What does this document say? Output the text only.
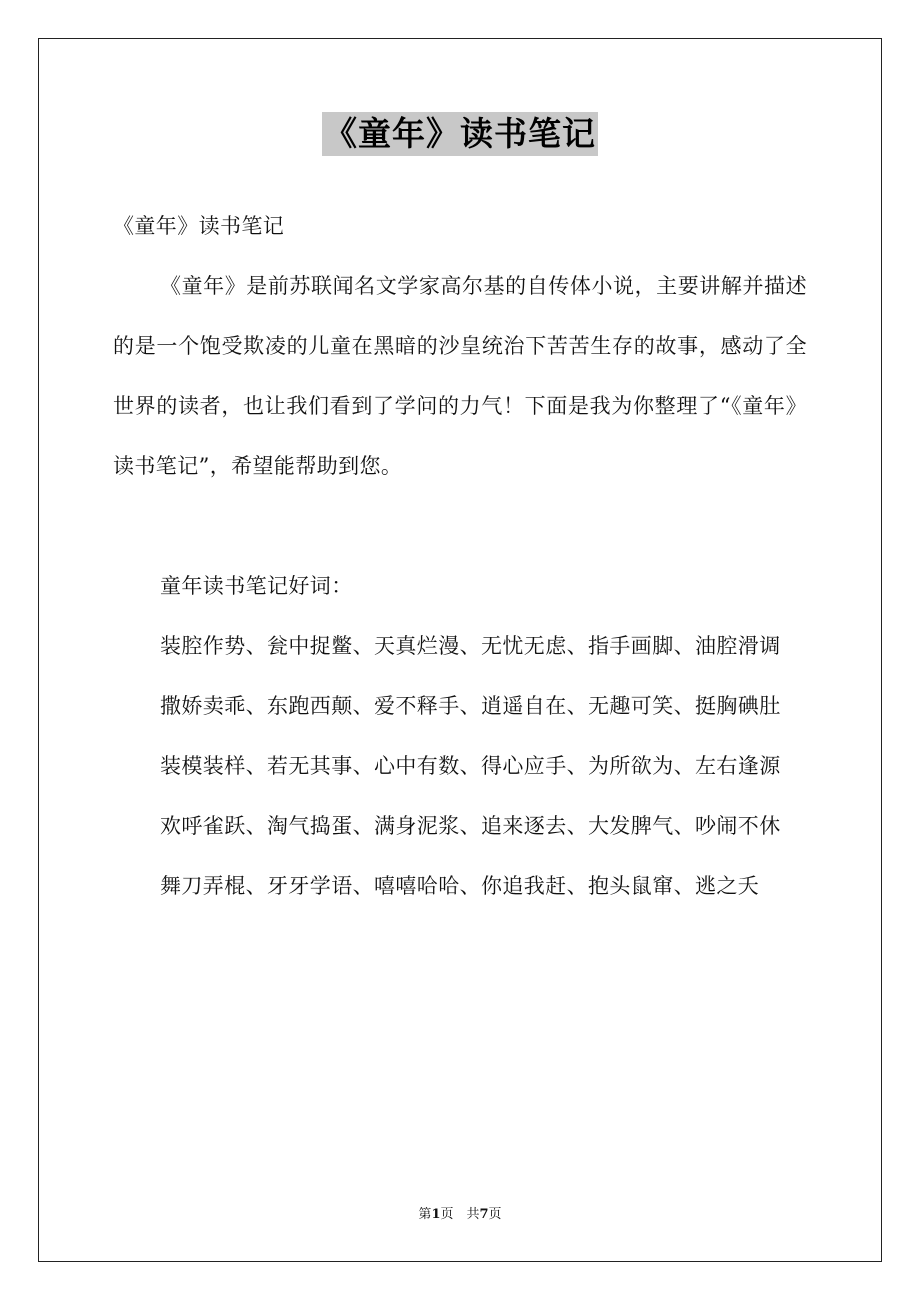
《童年》读书笔记

《童年》读书笔记

《童年》是前苏联闻名文学家高尔基的自传体小说，主要讲解并描述的是一个饱受欺凌的儿童在黑暗的沙皇统治下苦苦生存的故事，感动了全世界的读者，也让我们看到了学问的力气！下面是我为你整理了“《童年》读书笔记”，希望能帮助到您。

童年读书笔记好词：

装腔作势、瓮中捉鳖、天真烂漫、无忧无虑、指手画脚、油腔滑调

撒娇卖乖、东跑西颠、爱不释手、逍遥自在、无趣可笑、挺胸碘肚

装模装样、若无其事、心中有数、得心应手、为所欲为、左右逢源

欢呼雀跃、淘气捣蛋、满身泥浆、追来逐去、大发脾气、吵闹不休

舞刀弄棍、牙牙学语、嘻嘻哈哈、你追我赶、抱头鼠窜、逃之夭

第1页　共7页
